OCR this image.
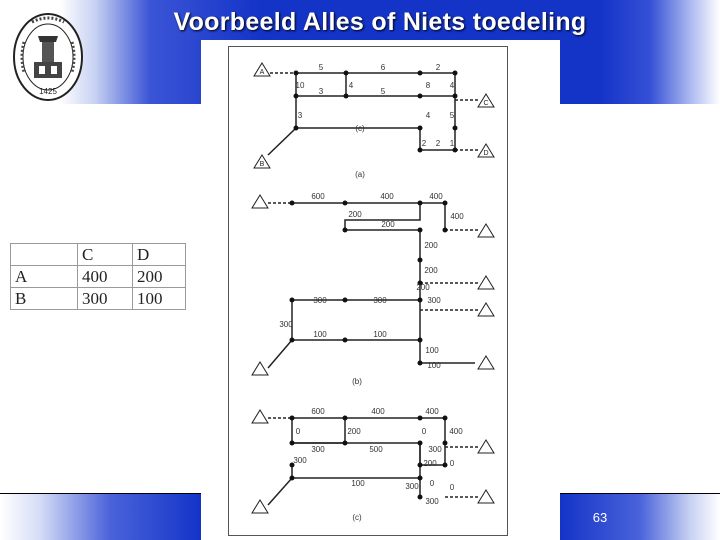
1425
Voorbeeld Alles of Niets toedeling
A
B
C
D
5	6	2
10	4	8 4
3	5
3	4 5
(c)
2 2 1
600	400	400
200	400
200
200
200
200
300	300	300
300
100	100
100
100
600	400	400
0	200	0	400
300	500	300
300	200 0
100	300 0 0
300
(a)
(b)
(c)
	C	D
A	400	200
B	300	100
63
